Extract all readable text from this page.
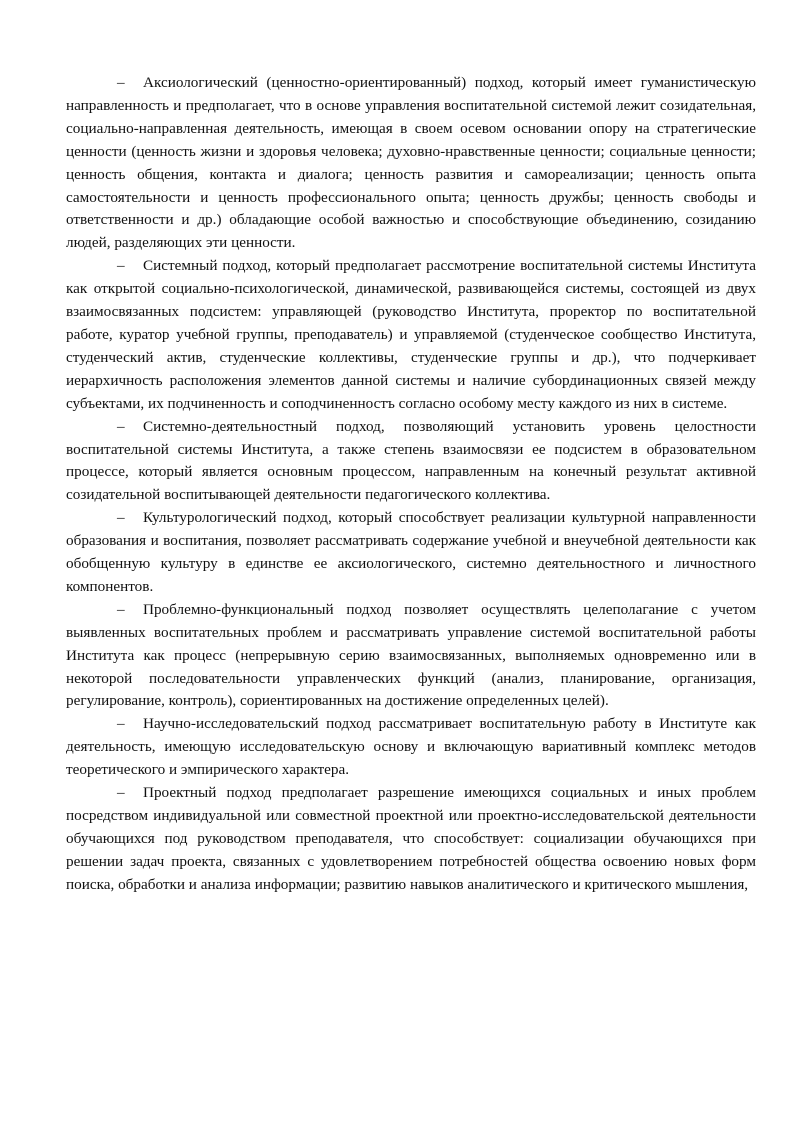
– Аксиологический (ценностно-ориентированный) подход, который имеет гуманистическую направленность и предполагает, что в основе управления воспитательной системой лежит созидательная, социально-направленная деятельность, имеющая в своем осевом основании опору на стратегические ценности (ценность жизни и здоровья человека; духовно-нравственные ценности; социальные ценности; ценность общения, контакта и диалога; ценность развития и самореализации; ценность опыта самостоятельности и ценность профессионального опыта; ценность дружбы; ценность свободы и ответственности и др.) обладающие особой важностью и способствующие объединению, созиданию людей, разделяющих эти ценности.

– Системный подход, который предполагает рассмотрение воспитательной системы Института как открытой социально-психологической, динамической, развивающейся системы, состоящей из двух взаимосвязанных подсистем: управляющей (руководство Института, проректор по воспитательной работе, куратор учебной группы, преподаватель) и управляемой (студенческое сообщество Института, студенческий актив, студенческие коллективы, студенческие группы и др.), что подчеркивает иерархичность расположения элементов данной системы и наличие субординационных связей между субъектами, их подчиненность и соподчиненностъ согласно особому месту каждого из них в системе.

– Системно-деятельностный подход, позволяющий установить уровень целостности воспитательной системы Института, а также степень взаимосвязи ее подсистем в образовательном процессе, который является основным процессом, направленным на конечный результат активной созидательной воспитывающей деятельности педагогического коллектива.

– Культурологический подход, который способствует реализации культурной направленности образования и воспитания, позволяет рассматривать содержание учебной и внеучебной деятельности как обобщенную культуру в единстве ее аксиологического, системно деятельностного и личностного компонентов.

– Проблемно-функциональный подход позволяет осуществлять целеполагание с учетом выявленных воспитательных проблем и рассматривать управление системой воспитательной работы Института как процесс (непрерывную серию взаимосвязанных, выполняемых одновременно или в некоторой последовательности управленческих функций (анализ, планирование, организация, регулирование, контроль), сориентированных на достижение определенных целей).

– Научно-исследовательский подход рассматривает воспитательную работу в Институте как деятельность, имеющую исследовательскую основу и включающую вариативный комплекс методов теоретического и эмпирического характера.

– Проектный подход предполагает разрешение имеющихся социальных и иных проблем посредством индивидуальной или совместной проектной или проектно-исследовательской деятельности обучающихся под руководством преподавателя, что способствует: социализации обучающихся при решении задач проекта, связанных с удовлетворением потребностей общества освоению новых форм поиска, обработки и анализа информации; развитию навыков аналитического и критического мышления,
